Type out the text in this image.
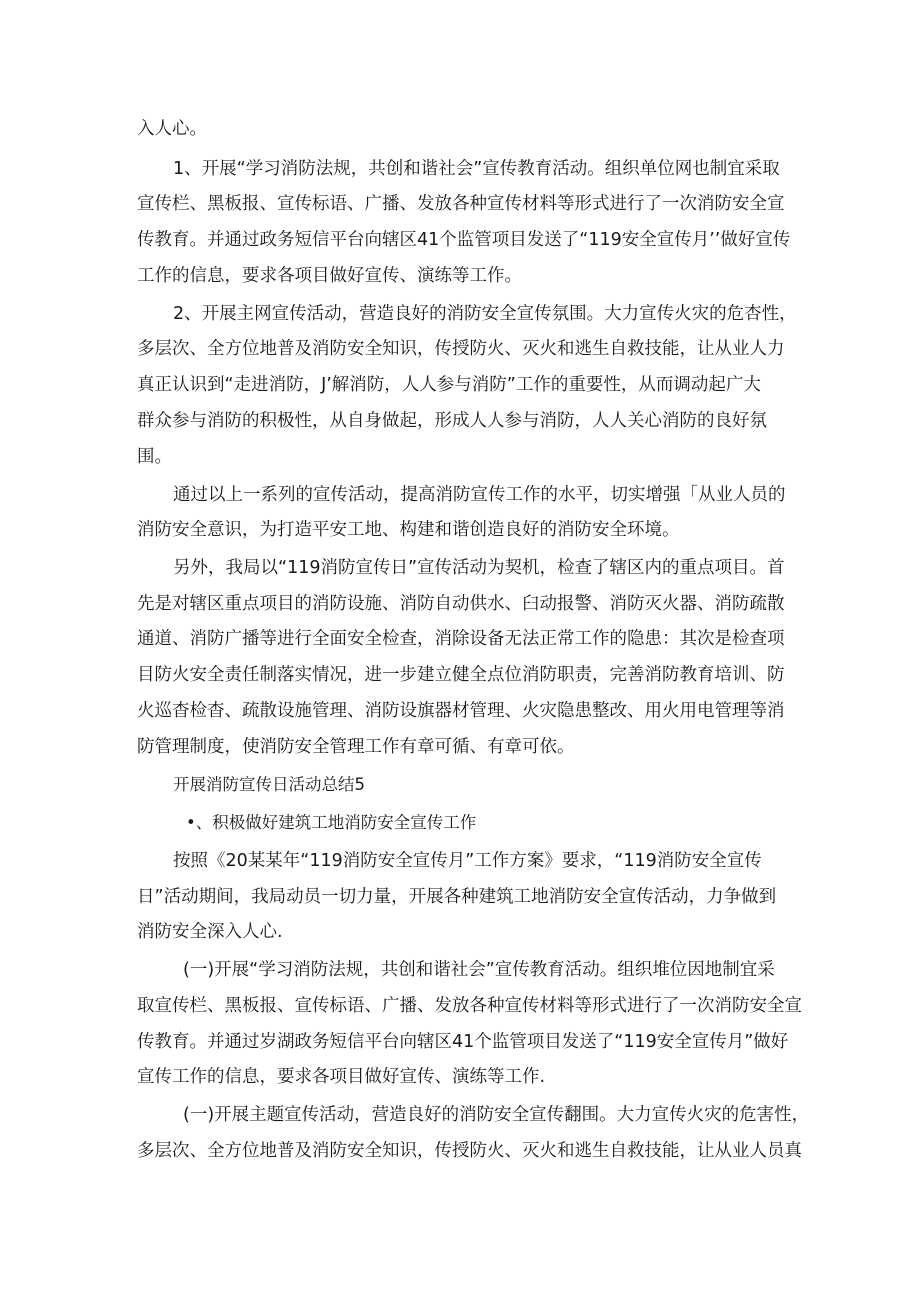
入人心。

1、开展“学习消防法规，共创和谐社会”宣传教育活动。组织单位网也制宜采取

宣传栏、黑板报、宣传标语、广播、发放各种宣传材料等形式进行了一次消防安全宣

传教育。并通过政务短信平台向辖区41个监管项目发送了“119安全宣传月’’做好宣传

工作的信息，要求各项目做好宣传、演练等工作。

2、开展主网宣传活动，营造良好的消防安全宣传氛围。大力宣传火灾的危杏性，

多层次、全方位地普及消防安全知识，传授防火、灭火和逃生自救技能，让从业人力

真正认识到“走进消防，J’解消防，人人参与消防”工作的重要性，从而调动起广大

群众参与消防的积极性，从自身做起，形成人人参与消防，人人关心消防的良好氛

围。

通过以上一系列的宣传活动，提高消防宣传工作的水平，切实增强「从业人员的

消防安全意识，为打造平安工地、构建和谐创造良好的消防安全环境。

另外，我局以“119消防宣传日”宣传活动为契机，检查了辖区内的重点项目。首

先是对辖区重点项目的消防设施、消防自动供水、臼动报警、消防灭火器、消防疏散

通道、消防广播等进行全面安全检查，消除设备无法正常工作的隐患：其次是检查项

目防火安全责任制落实情况，进一步建立健全点位消防职责，完善消防教育培训、防

火巡杳检杳、疏散设施管理、消防设旗器材管理、火灾隐患整改、用火用电管理等消

防管理制度，使消防安全管理工作有章可循、有章可依。

开展消防宣传日活动总结5

•、积极做好建筑工地消防安全宣传工作

按照《20某某年“119消防安全宣传月”工作方案》要求，“119消防安全宣传

日”活动期间，我局动员一切力量，开展各种建筑工地消防安全宣传活动，力争做到

消防安全深入人心.

(一)开展“学习消防法规，共创和谐社会”宣传教育活动。组织堆位因地制宜采

取宣传栏、黑板报、宣传标语、广播、发放各种宣传材料等形式进行了一次消防安全宣

传教育。并通过岁湖政务短信平台向辖区41个监管项目发送了“119安全宣传月”做好

宣传工作的信息，要求各项目做好宣传、演练等工作.

(一)开展主题宣传活动，营造良好的消防安全宣传翻围。大力宣传火灾的危害性，

多层次、全方位地普及消防安全知识，传授防火、灭火和逃生自救技能，让从业人员真
